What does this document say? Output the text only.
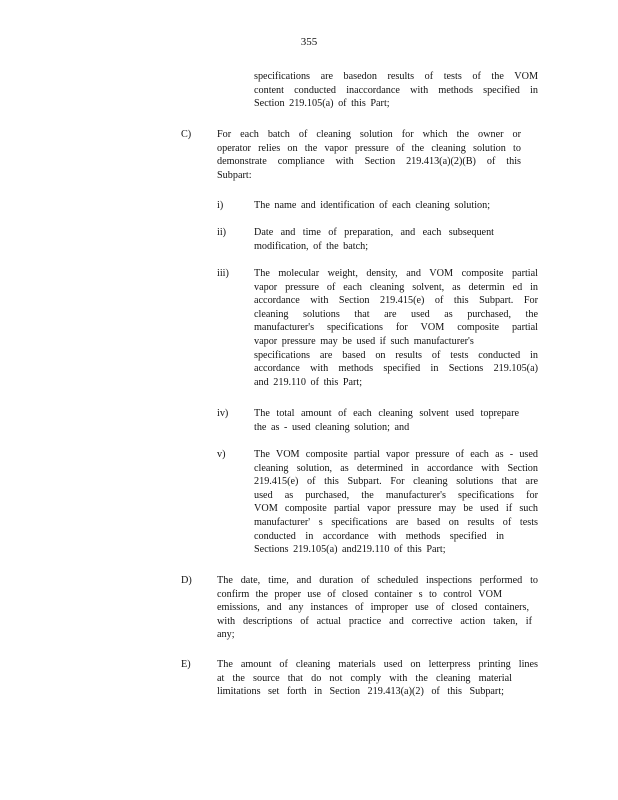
355
specifications are basedon results of tests of the VOM
content conducted inaccordance with methods specified in
Section 219.105(a) of this Part;
C)	For each batch of cleaning solution for which the owner or
operator relies on the vapor pressure of the cleaning solution to
demonstrate compliance with Section 219.413(a)(2)(B) of this
Subpart:
i)	The name and identification of each cleaning solution;
ii)	Date and time of preparation, and each subsequent
modification, of the batch;
iii) The molecular weight, density, and VOM composite partial
vapor pressure of each cleaning solvent, as determin ed in
accordance with Section 219.415(e) of this Subpart. For
cleaning solutions that are used as purchased, the
manufacturer's specifications for VOM composite partial
vapor pressure may be used if such manufacturer's
specifications are based on results of tests conducted in
accordance with methods specified in Sections 219.105(a)
and 219.110 of this Part;
iv)	The total amount of each cleaning solvent used toprepare
the as - used cleaning solution; and
v)	The VOM composite partial vapor pressure of each as - used
cleaning solution, as determined in accordance with Section
219.415(e) of this Subpart. For cleaning solutions that are
used as purchased, the manufacturer's specifications for
VOM composite partial vapor pressure may be used if such
manufacturer' s specifications are based on results of tests
conducted in accordance with methods specified in
Sections 219.105(a) and219.110 of this Part;
D) The date, time, and duration of scheduled inspections performed to
confirm the proper use of closed container s to control VOM
emissions, and any instances of improper use of closed containers,
with descriptions of actual practice and corrective action taken, if
any;
E)	The amount of cleaning materials used on letterpress printing lines
at the source that do not comply with the cleaning material
limitations set forth in Section 219.413(a)(2) of this Subpart;
